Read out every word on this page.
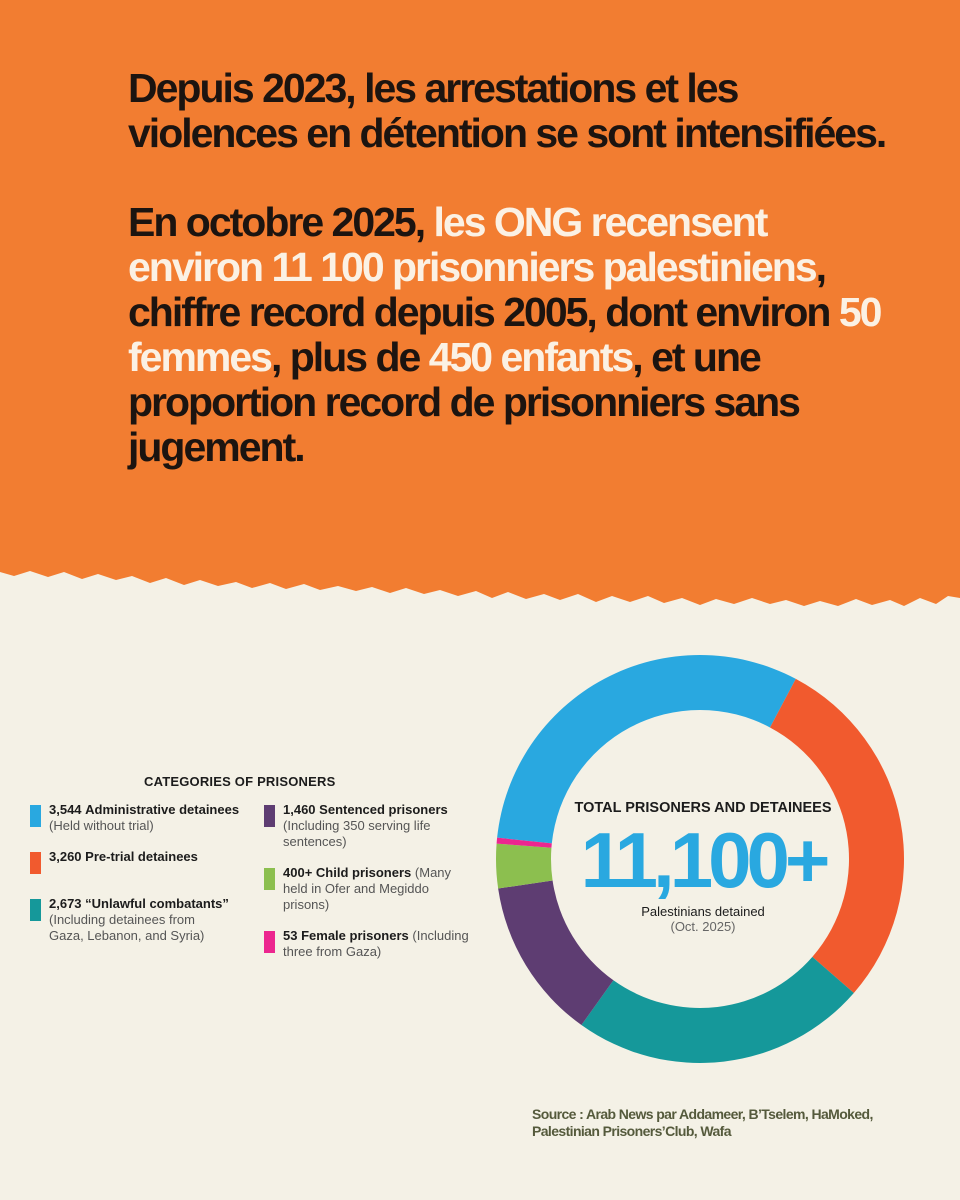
Depuis 2023, les arrestations et les violences en détention se sont intensifiées.

En octobre 2025, les ONG recensent environ 11 100 prisonniers palestiniens, chiffre record depuis 2005, dont environ 50 femmes, plus de 450 enfants, et une proportion record de prisonniers sans jugement.

CATEGORIES OF PRISONERS
3,544 Administrative detainees (Held without trial)
3,260 Pre-trial detainees
2,673 “Unlawful combatants” (Including detainees from Gaza, Lebanon, and Syria)
1,460 Sentenced prisoners (Including 350 serving life sentences)
400+ Child prisoners (Many held in Ofer and Megiddo prisons)
53 Female prisoners (Including three from Gaza)
TOTAL PRISONERS AND DETAINEES
11,100+
Palestinians detained
(Oct. 2025)
Source : Arab News par Addameer, B’Tselem, HaMoked, Palestinian Prisoners’Club, Wafa
